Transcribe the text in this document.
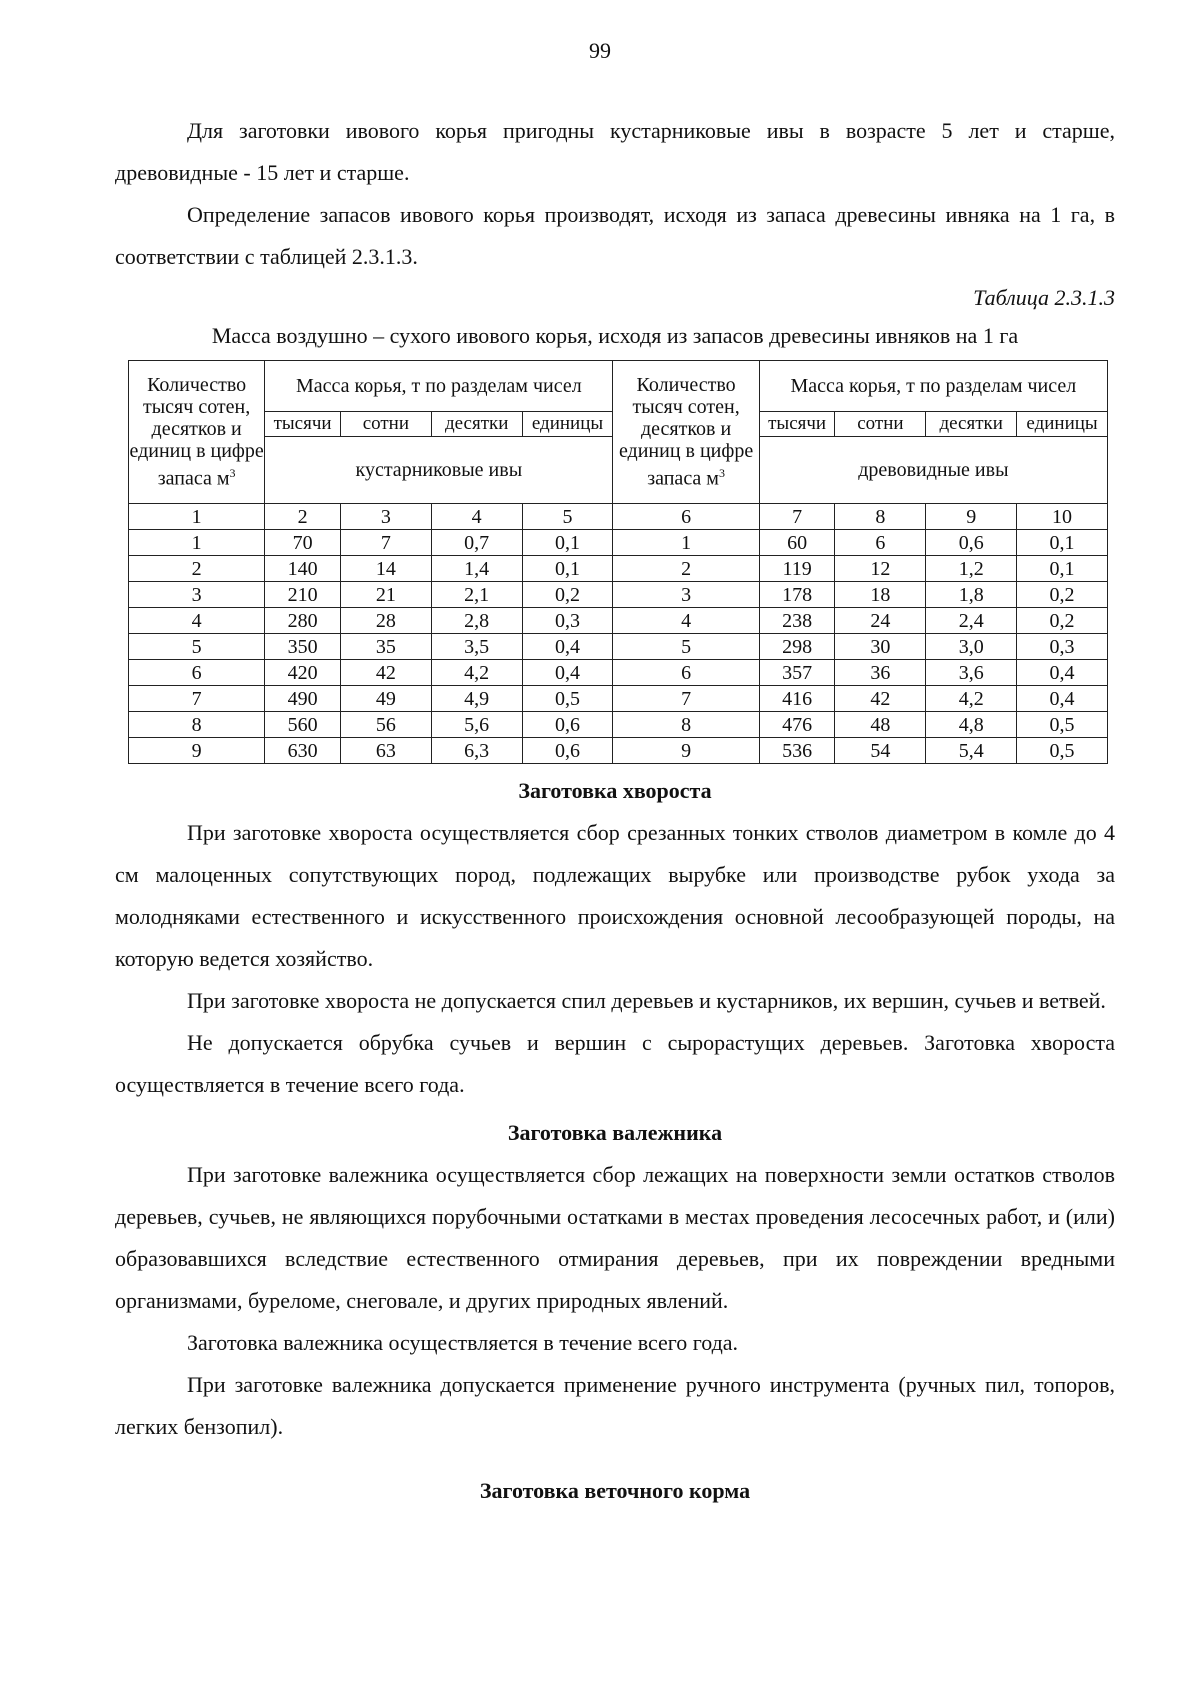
99

Для заготовки ивового корья пригодны кустарниковые ивы в возрасте 5 лет и старше, древовидные - 15 лет и старше.

Определение запасов ивового корья производят, исходя из запаса древесины ивняка на 1 га, в соответствии с таблицей 2.3.1.3.

Таблица 2.3.1.3
Масса воздушно – сухого ивового корья, исходя из запасов древесины ивняков на 1 га
Количество тысяч сотен, десятков и единиц в цифре запаса $м^3$	Масса корья, т по разделам чисел				Количество тысяч сотен, десятков и единиц в цифре запаса $м^3$	Масса корья, т по разделам чисел			
	тысячи	сотни	десятки	единицы		тысячи	сотни	десятки	единицы
	кустарниковые ивы					древовидные ивы			
1	2	3	4	5	6	7	8	9	10
1	70	7	0,7	0,1	1	60	6	0,6	0,1
2	140	14	1,4	0,1	2	119	12	1,2	0,1
3	210	21	2,1	0,2	3	178	18	1,8	0,2
4	280	28	2,8	0,3	4	238	24	2,4	0,2
5	350	35	3,5	0,4	5	298	30	3,0	0,3
6	420	42	4,2	0,4	6	357	36	3,6	0,4
7	490	49	4,9	0,5	7	416	42	4,2	0,4
8	560	56	5,6	0,6	8	476	48	4,8	0,5
9	630	63	6,3	0,6	9	536	54	5,4	0,5
Заготовка хвороста

При заготовке хвороста осуществляется сбор срезанных тонких стволов диаметром в комле до 4 см малоценных сопутствующих пород, подлежащих вырубке или производстве рубок ухода за молодняками естественного и искусственного происхождения основной лесообразующей породы, на которую ведется хозяйство.

При заготовке хвороста не допускается спил деревьев и кустарников, их вершин, сучьев и ветвей.

Не допускается обрубка сучьев и вершин с сырорастущих деревьев. Заготовка хвороста осуществляется в течение всего года.

Заготовка валежника

При заготовке валежника осуществляется сбор лежащих на поверхности земли остатков стволов деревьев, сучьев, не являющихся порубочными остатками в местах проведения лесосечных работ, и (или) образовавшихся вследствие естественного отмирания деревьев, при их повреждении вредными организмами, буреломе, снеговале, и других природных явлений.

Заготовка валежника осуществляется в течение всего года.

При заготовке валежника допускается применение ручного инструмента (ручных пил, топоров, легких бензопил).

Заготовка веточного корма
